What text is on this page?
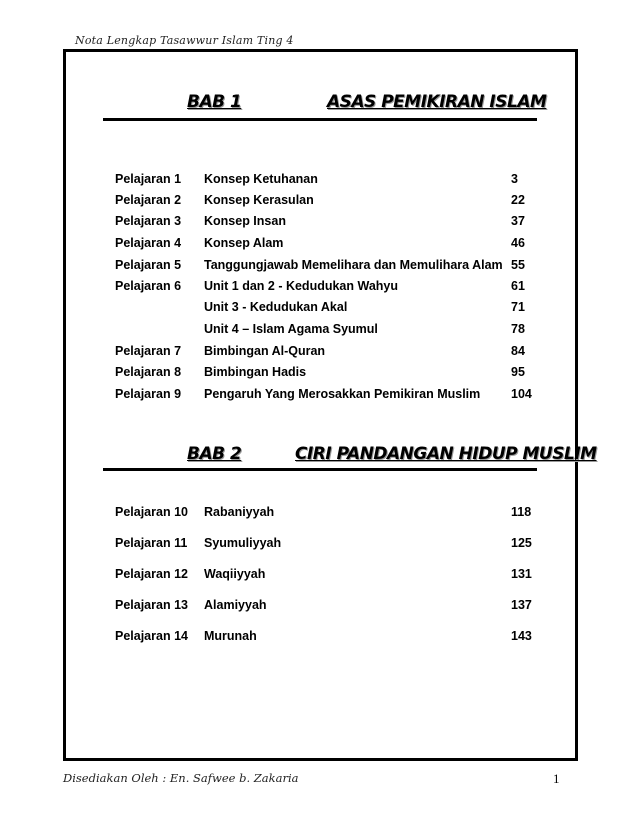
Nota Lengkap Tasawwur Islam Ting 4
BAB 1	ASAS PEMIKIRAN ISLAM
Pelajaran 1 Konsep Ketuhanan	3
Pelajaran 2 Konsep Kerasulan	22
Pelajaran 3 Konsep Insan	37
Pelajaran 4 Konsep Alam	46
Pelajaran 5 Tanggungjawab Memelihara dan Memulihara Alam 55
Pelajaran 6 Unit 1 dan 2 - Kedudukan Wahyu	61
Unit 3 - Kedudukan Akal	71
Unit 4 – Islam Agama Syumul	78
Pelajaran 7 Bimbingan Al-Quran	84
Pelajaran 8 Bimbingan Hadis	95
Pelajaran 9 Pengaruh Yang Merosakkan Pemikiran Muslim 104
BAB 2	CIRI PANDANGAN HIDUP MUSLIM
Pelajaran 10 Rabaniyyah	118
Pelajaran 11 Syumuliyyah	125
Pelajaran 12 Waqiiyyah	131
Pelajaran 13 Alamiyyah	137
Pelajaran 14 Murunah	143
Disediakan Oleh : En. Safwee b. Zakaria	1
